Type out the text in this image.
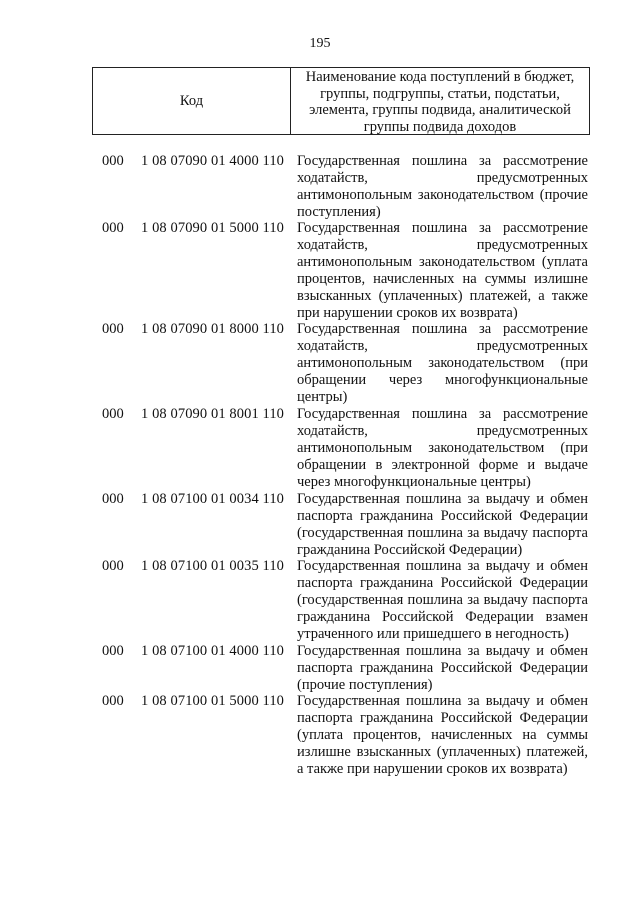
195
Код
Наименование кода поступлений в бюджет, группы, подгруппы, статьи, подстатьи, элемента, группы подвида, аналитической группы подвида доходов
000 1 08 07090 01 4000 110 Государственная пошлина за рассмотрение ходатайств, предусмотренных антимонопольным законодательством (прочие поступления)
000 1 08 07090 01 5000 110 Государственная пошлина за рассмотрение ходатайств, предусмотренных антимонопольным законодательством (уплата процентов, начисленных на суммы излишне взысканных (уплаченных) платежей, а также при нарушении сроков их возврата)
000 1 08 07090 01 8000 110 Государственная пошлина за рассмотрение ходатайств, предусмотренных антимонопольным законодательством (при обращении через многофункциональные центры)
000 1 08 07090 01 8001 110 Государственная пошлина за рассмотрение ходатайств, предусмотренных антимонопольным законодательством (при обращении в электронной форме и выдаче через многофункциональные центры)
000 1 08 07100 01 0034 110 Государственная пошлина за выдачу и обмен паспорта гражданина Российской Федерации (государственная пошлина за выдачу паспорта гражданина Российской Федерации)
000 1 08 07100 01 0035 110 Государственная пошлина за выдачу и обмен паспорта гражданина Российской Федерации (государственная пошлина за выдачу паспорта гражданина Российской Федерации взамен утраченного или пришедшего в негодность)
000 1 08 07100 01 4000 110 Государственная пошлина за выдачу и обмен паспорта гражданина Российской Федерации (прочие поступления)
000 1 08 07100 01 5000 110 Государственная пошлина за выдачу и обмен паспорта гражданина Российской Федерации (уплата процентов, начисленных на суммы излишне взысканных (уплаченных) платежей, а также при нарушении сроков их возврата)
